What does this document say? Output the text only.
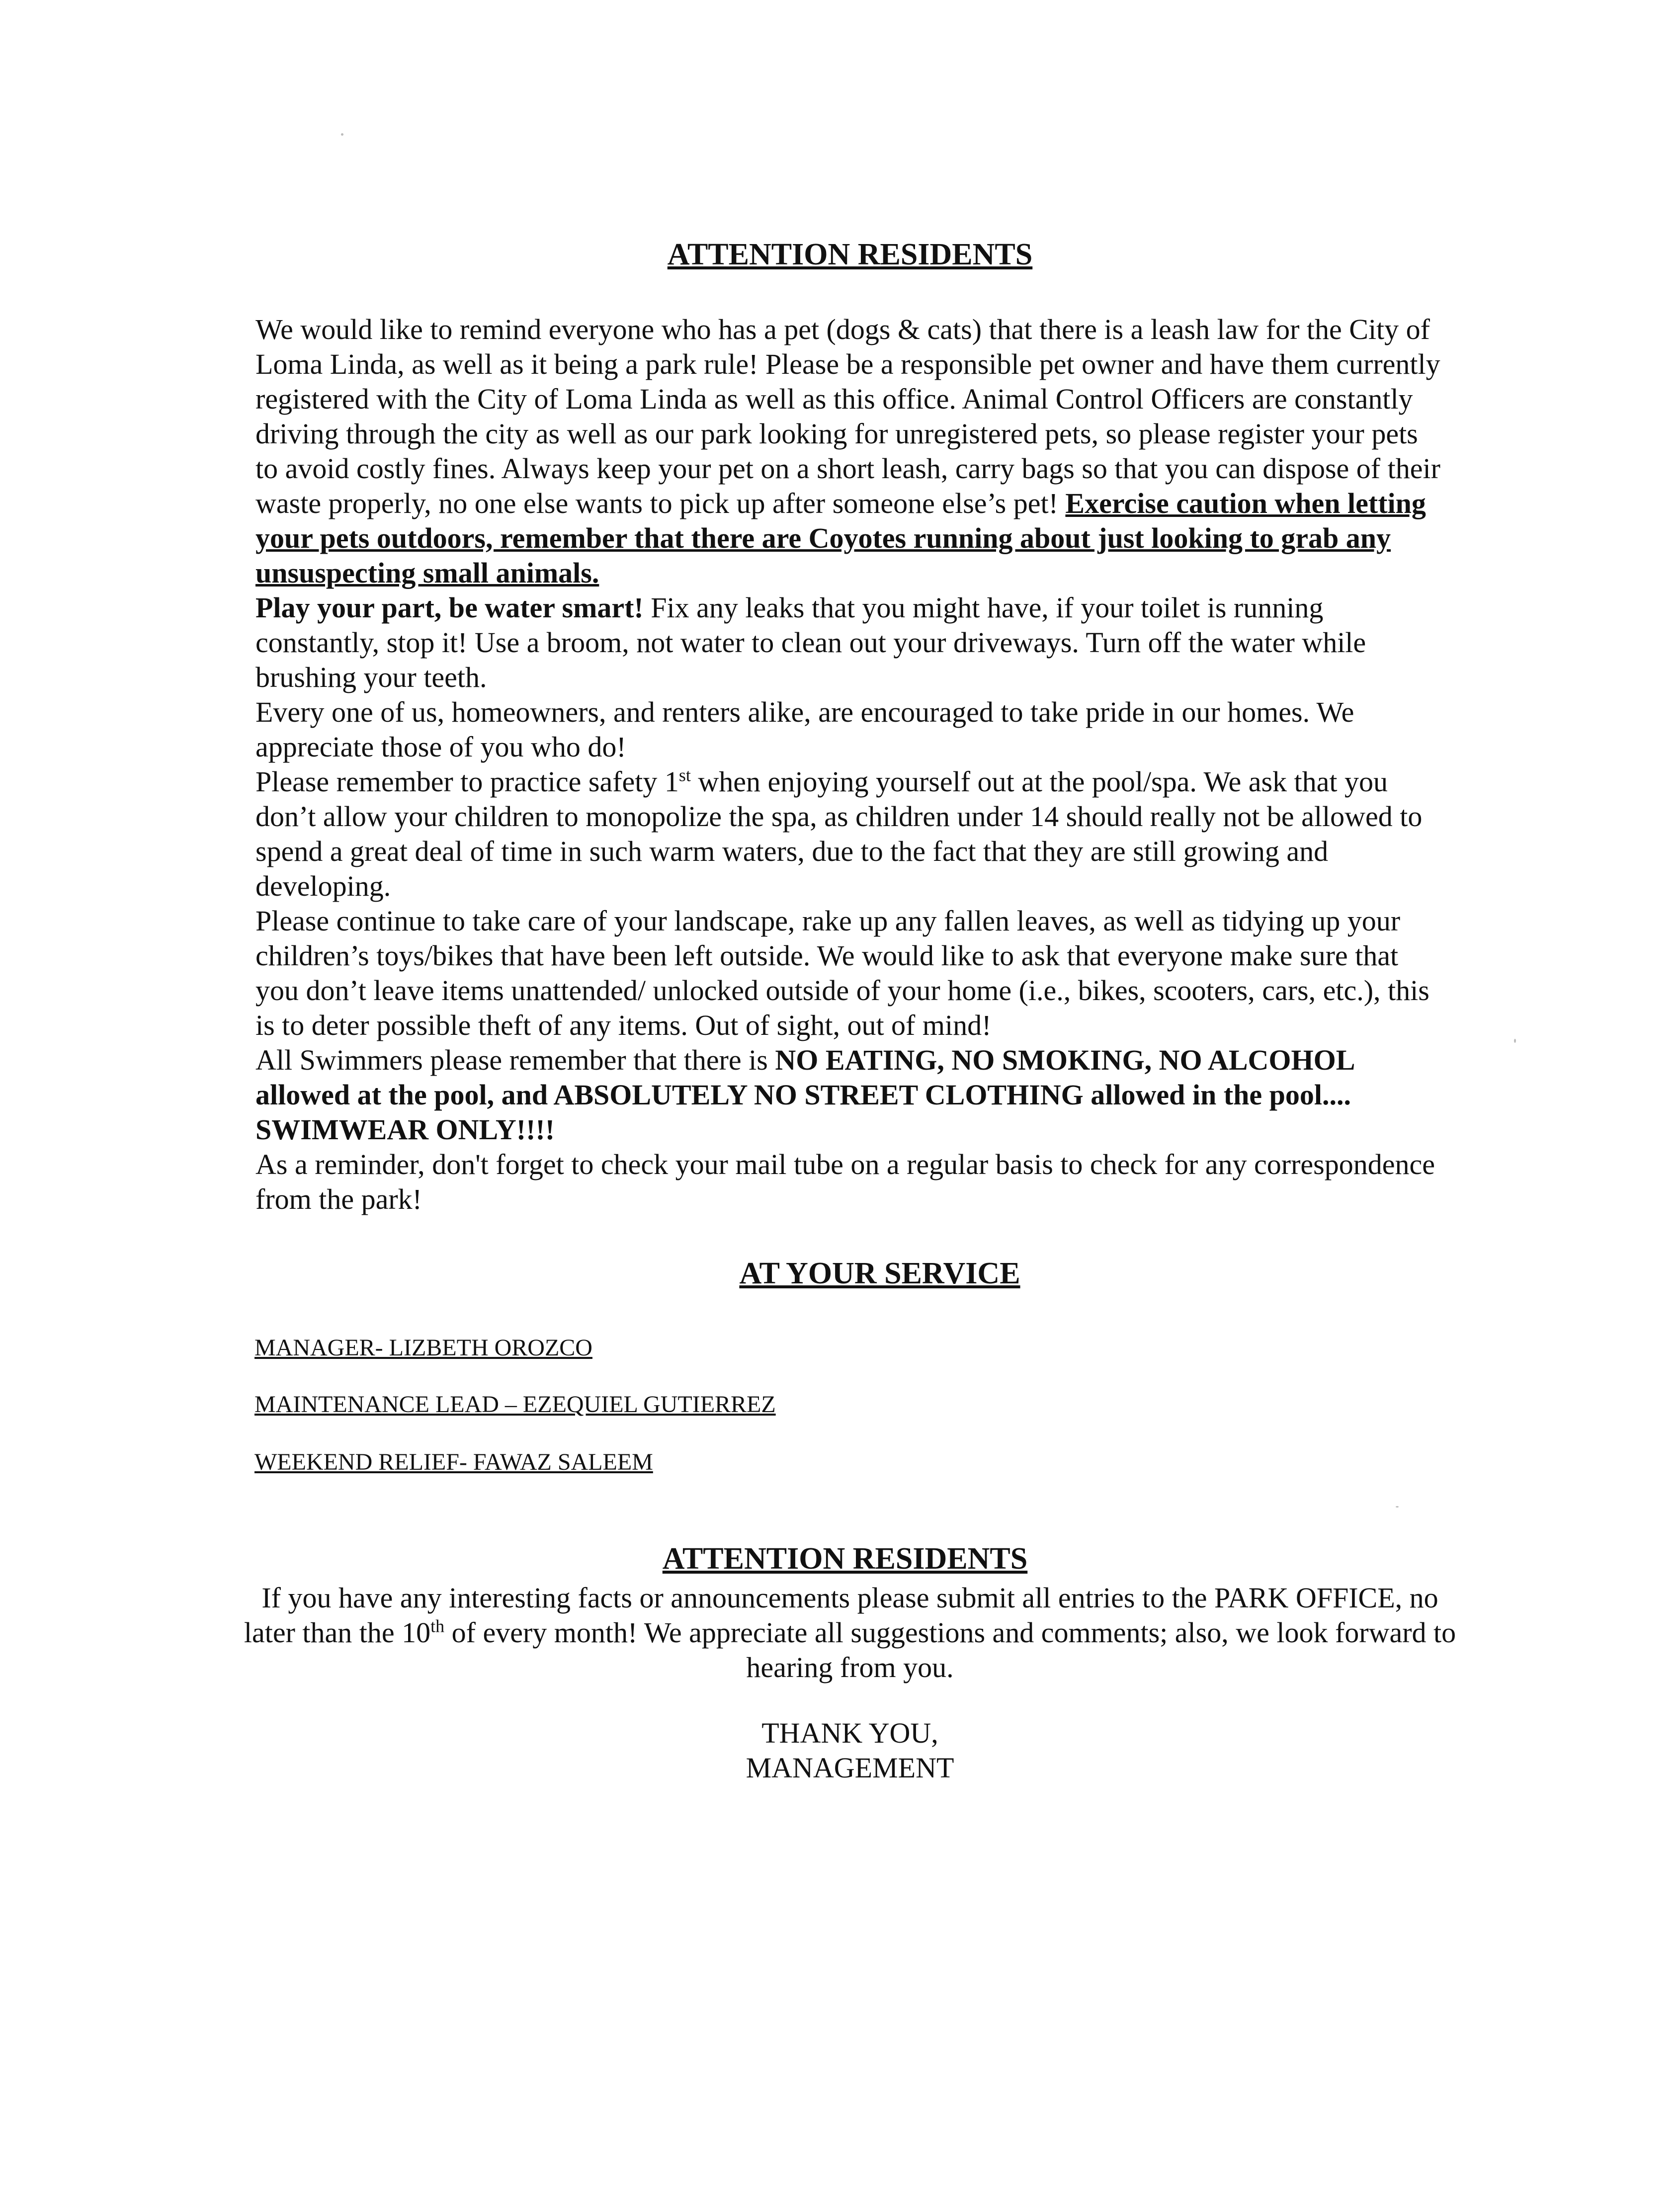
ATTENTION RESIDENTS

We would like to remind everyone who has a pet (dogs & cats) that there is a leash law for the City of Loma Linda, as well as it being a park rule! Please be a responsible pet owner and have them currently registered with the City of Loma Linda as well as this office. Animal Control Officers are constantly driving through the city as well as our park looking for unregistered pets, so please register your pets to avoid costly fines. Always keep your pet on a short leash, carry bags so that you can dispose of their waste properly, no one else wants to pick up after someone else’s pet! Exercise caution when letting your pets outdoors, remember that there are Coyotes running about just looking to grab any unsuspecting small animals.

Play your part, be water smart! Fix any leaks that you might have, if your toilet is running constantly, stop it! Use a broom, not water to clean out your driveways. Turn off the water while brushing your teeth.

Every one of us, homeowners, and renters alike, are encouraged to take pride in our homes. We appreciate those of you who do!

Please remember to practice safety 1st when enjoying yourself out at the pool/spa. We ask that you don’t allow your children to monopolize the spa, as children under 14 should really not be allowed to spend a great deal of time in such warm waters, due to the fact that they are still growing and developing.

Please continue to take care of your landscape, rake up any fallen leaves, as well as tidying up your children’s toys/bikes that have been left outside. We would like to ask that everyone make sure that you don’t leave items unattended/ unlocked outside of your home (i.e., bikes, scooters, cars, etc.), this is to deter possible theft of any items. Out of sight, out of mind!

All Swimmers please remember that there is NO EATING, NO SMOKING, NO ALCOHOL allowed at the pool, and ABSOLUTELY NO STREET CLOTHING allowed in the pool.... SWIMWEAR ONLY!!!!

As a reminder, don't forget to check your mail tube on a regular basis to check for any correspondence from the park!

AT YOUR SERVICE

MANAGER- LIZBETH OROZCO

MAINTENANCE LEAD – EZEQUIEL GUTIERREZ

WEEKEND RELIEF- FAWAZ SALEEM

ATTENTION RESIDENTS

If you have any interesting facts or announcements please submit all entries to the PARK OFFICE, no later than the 10th of every month! We appreciate all suggestions and comments; also, we look forward to hearing from you.

THANK YOU,
MANAGEMENT
